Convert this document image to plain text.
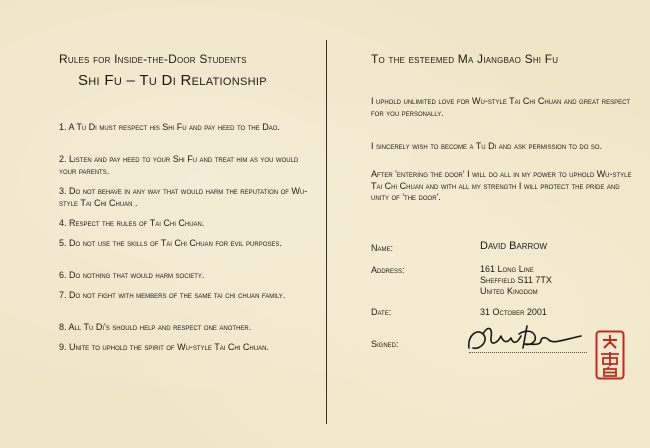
Rules for Inside-the-Door Students
Shi Fu – Tu Di Relationship
1. A Tu Di must respect his Shi Fu and pay heed to the Dao.
2. Listen and pay heed to your Shi Fu and treat him as you would your parents.
3. Do not behave in any way that would harm the reputation of Wu-style Tai Chi Chuan .
4. Respect the rules of Tai Chi Chuan.
5. Do not use the skills of Tai Chi Chuan for evil purposes.
6. Do nothing that would harm society.
7. Do not fight with members of the same tai chi chuan family.
8. All Tu Di's should help and respect one another.
9. Unite to uphold the spirit of Wu-style Tai Chi Chuan.
To the esteemed Ma Jiangbao Shi Fu

I uphold unlimited love for Wu-style Tai Chi Chuan and great respect for you personally.

I sincerely wish to become a Tu Di and ask permission to do so.

After 'entering the door' I will do all in my power to uphold Wu-style Tai Chi Chuan and with all my strength I will protect the pride and unity of 'the door'.

Name:	David Barrow
Address:	161 Long Line
Sheffield S11 7TX
United Kingdom
Date:	31 October 2001
Signed:
